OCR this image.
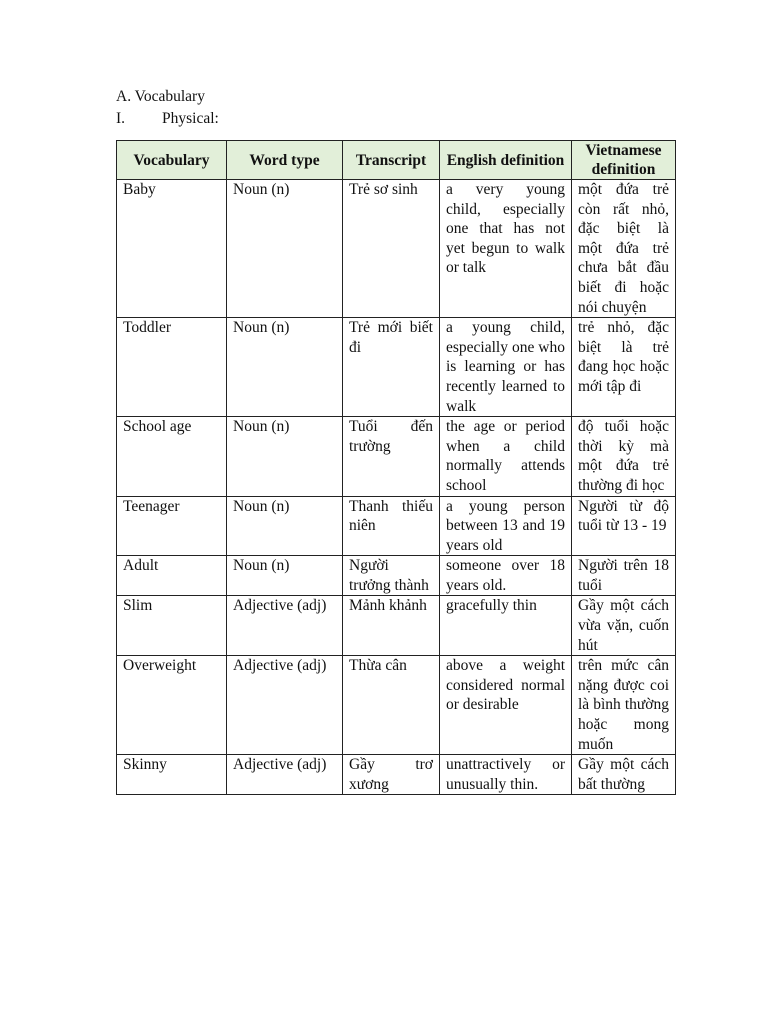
A. Vocabulary
I.	Physical:
Vocabulary	Word type	Transcript	English definition	Vietnamese definition
Baby	Noun (n)	Trẻ sơ sinh	a very young child, especially one that has not yet begun to walk or talk	một đứa trẻ còn rất nhỏ, đặc biệt là một đứa trẻ chưa bắt đầu biết đi hoặc nói chuyện
Toddler	Noun (n)	Trẻ mới biết đi	a young child, especially one who is learning or has recently learned to walk	trẻ nhỏ, đặc biệt là trẻ đang học hoặc mới tập đi
School age	Noun (n)	Tuổi đến trường	the age or period when a child normally attends school	độ tuổi hoặc thời kỳ mà một đứa trẻ thường đi học
Teenager	Noun (n)	Thanh thiếu niên	a young person between 13 and 19 years old	Người từ độ tuổi từ 13 - 19
Adult	Noun (n)	Người trưởng thành	someone over 18 years old.	Người trên 18 tuổi
Slim	Adjective (adj)	Mảnh khảnh	gracefully thin	Gầy một cách vừa vặn, cuốn hút
Overweight	Adjective (adj)	Thừa cân	above a weight considered normal or desirable	trên mức cân nặng được coi là bình thường hoặc mong muốn
Skinny	Adjective (adj)	Gầy trơ xương	unattractively or unusually thin.	Gầy một cách bất thường
